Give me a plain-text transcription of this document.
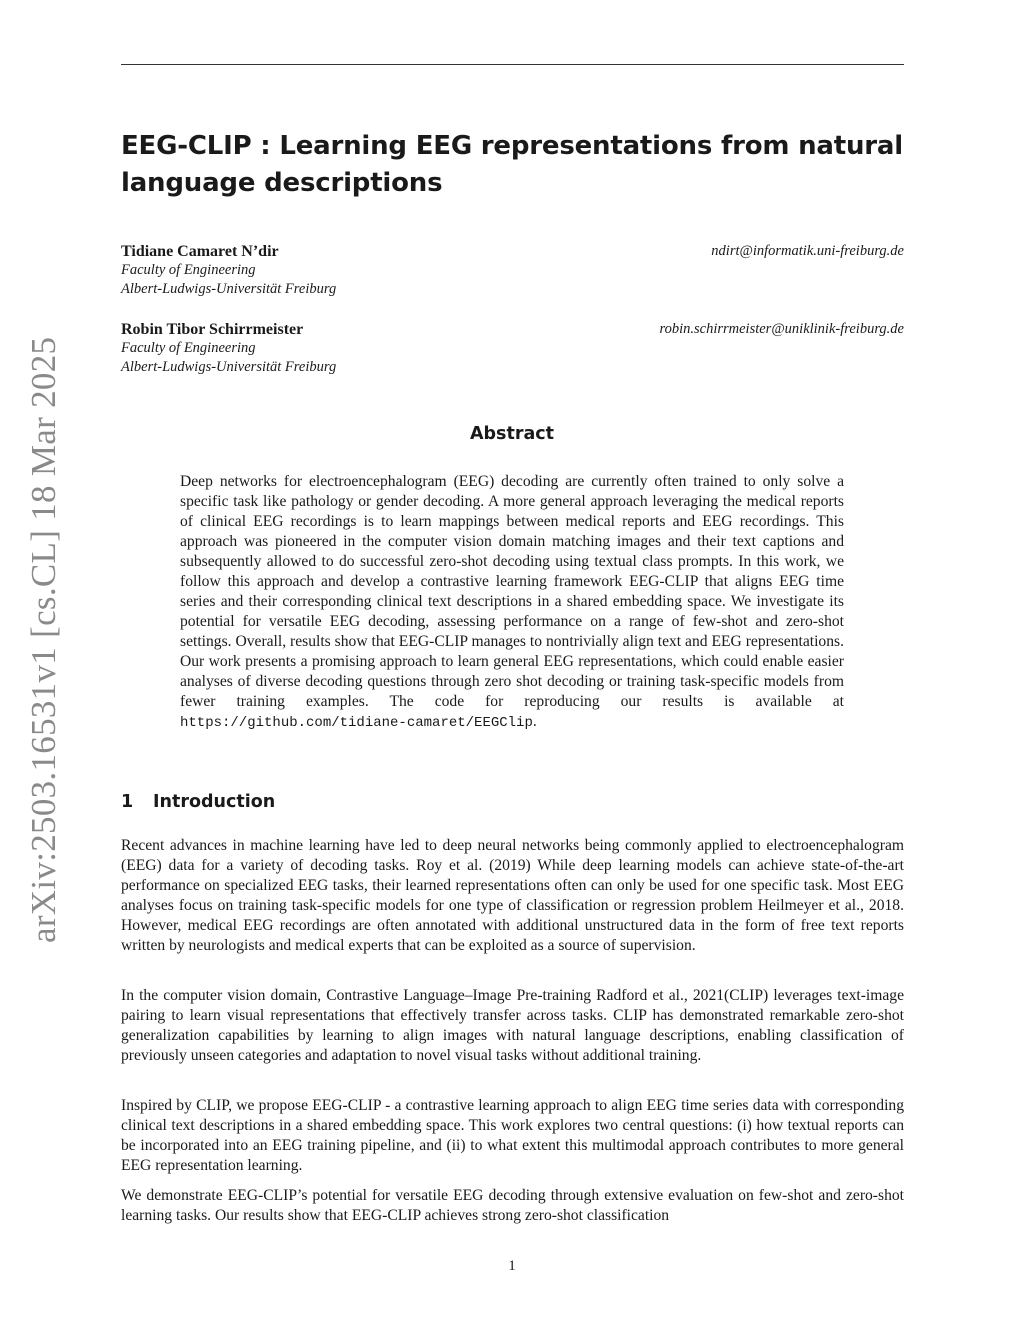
arXiv:2503.16531v1 [cs.CL] 18 Mar 2025
EEG-CLIP : Learning EEG representations from natural language descriptions
Tidiane Camaret N’dir
Faculty of Engineering
Albert-Ludwigs-Universität Freiburg
ndirt@informatik.uni-freiburg.de
Robin Tibor Schirrmeister
Faculty of Engineering
Albert-Ludwigs-Universität Freiburg
robin.schirrmeister@uniklinik-freiburg.de
Abstract

Deep networks for electroencephalogram (EEG) decoding are currently often trained to only solve a specific task like pathology or gender decoding. A more general approach leveraging the medical reports of clinical EEG recordings is to learn mappings between medical reports and EEG recordings. This approach was pioneered in the computer vision domain matching images and their text captions and subsequently allowed to do successful zero-shot decoding using textual class prompts. In this work, we follow this approach and develop a contrastive learning framework EEG-CLIP that aligns EEG time series and their corresponding clinical text descriptions in a shared embedding space. We investigate its potential for versatile EEG decoding, assessing performance on a range of few-shot and zero-shot settings. Overall, results show that EEG-CLIP manages to nontrivially align text and EEG representations. Our work presents a promising approach to learn general EEG representations, which could enable easier analyses of diverse decoding questions through zero shot decoding or training task-specific models from fewer training examples. The code for reproducing our results is available at https://github.com/tidiane-camaret/EEGClip.

1 Introduction

Recent advances in machine learning have led to deep neural networks being commonly applied to electroencephalogram (EEG) data for a variety of decoding tasks. Roy et al. (2019) While deep learning models can achieve state-of-the-art performance on specialized EEG tasks, their learned representations often can only be used for one specific task. Most EEG analyses focus on training task-specific models for one type of classification or regression problem Heilmeyer et al., 2018. However, medical EEG recordings are often annotated with additional unstructured data in the form of free text reports written by neurologists and medical experts that can be exploited as a source of supervision.

In the computer vision domain, Contrastive Language–Image Pre-training Radford et al., 2021(CLIP) leverages text-image pairing to learn visual representations that effectively transfer across tasks. CLIP has demonstrated remarkable zero-shot generalization capabilities by learning to align images with natural language descriptions, enabling classification of previously unseen categories and adaptation to novel visual tasks without additional training.

Inspired by CLIP, we propose EEG-CLIP - a contrastive learning approach to align EEG time series data with corresponding clinical text descriptions in a shared embedding space. This work explores two central questions: (i) how textual reports can be incorporated into an EEG training pipeline, and (ii) to what extent this multimodal approach contributes to more general EEG representation learning.

We demonstrate EEG-CLIP’s potential for versatile EEG decoding through extensive evaluation on few-shot and zero-shot learning tasks. Our results show that EEG-CLIP achieves strong zero-shot classification

1
